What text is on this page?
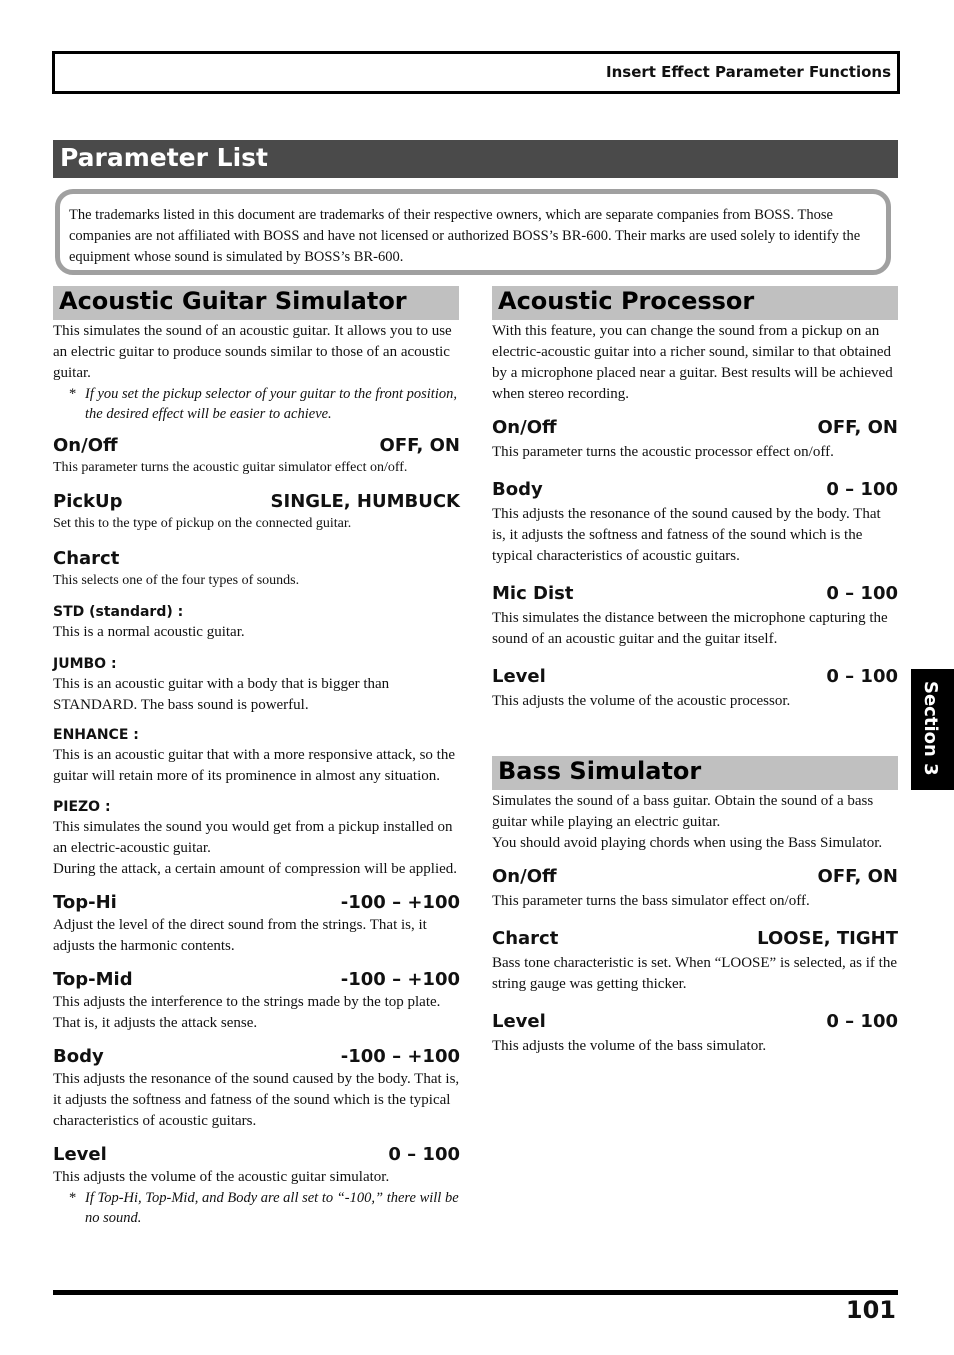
Insert Effect Parameter Functions
Parameter List
The trademarks listed in this document are trademarks of their respective owners, which are separate companies from BOSS. Those companies are not affiliated with BOSS and have not licensed or authorized BOSS’s BR-600. Their marks are used solely to identify the equipment whose sound is simulated by BOSS’s BR-600.
Acoustic Guitar Simulator

This simulates the sound of an acoustic guitar. It allows you to use an electric guitar to produce sounds similar to those of an acoustic guitar.

* If you set the pickup selector of your guitar to the front position, the desired effect will be easier to achieve.

On/Off	OFF, ON

This parameter turns the acoustic guitar simulator effect on/off.

PickUp	SINGLE, HUMBUCK

Set this to the type of pickup on the connected guitar.

Charct

This selects one of the four types of sounds.

STD (standard) :

This is a normal acoustic guitar.

JUMBO :

This is an acoustic guitar with a body that is bigger than STANDARD. The bass sound is powerful.

ENHANCE :

This is an acoustic guitar that with a more responsive attack, so the guitar will retain more of its prominence in almost any situation.

PIEZO :

This simulates the sound you would get from a pickup installed on an electric-acoustic guitar.

During the attack, a certain amount of compression will be applied.

Top-Hi	-100 – +100

Adjust the level of the direct sound from the strings. That is, it adjusts the harmonic contents.

Top-Mid	-100 – +100

This adjusts the interference to the strings made by the top plate. That is, it adjusts the attack sense.

Body	-100 – +100

This adjusts the resonance of the sound caused by the body. That is, it adjusts the softness and fatness of the sound which is the typical characteristics of acoustic guitars.

Level	0 – 100

This adjusts the volume of the acoustic guitar simulator.

* If Top-Hi, Top-Mid, and Body are all set to “-100,” there will be no sound.

Acoustic Processor

With this feature, you can change the sound from a pickup on an electric-acoustic guitar into a richer sound, similar to that obtained by a microphone placed near a guitar. Best results will be achieved when stereo recording.

On/Off	OFF, ON

This parameter turns the acoustic processor effect on/off.

Body	0 – 100

This adjusts the resonance of the sound caused by the body. That is, it adjusts the softness and fatness of the sound which is the typical characteristics of acoustic guitars.

Mic Dist	0 – 100

This simulates the distance between the microphone capturing the sound of an acoustic guitar and the guitar itself.

Level	0 – 100

This adjusts the volume of the acoustic processor.

Bass Simulator

Simulates the sound of a bass guitar. Obtain the sound of a bass guitar while playing an electric guitar.

You should avoid playing chords when using the Bass Simulator.

On/Off	OFF, ON

This parameter turns the bass simulator effect on/off.

Charct	LOOSE, TIGHT

Bass tone characteristic is set. When “LOOSE” is selected, as if the string gauge was getting thicker.

Level	0 – 100

This adjusts the volume of the bass simulator.

Section 3
101
